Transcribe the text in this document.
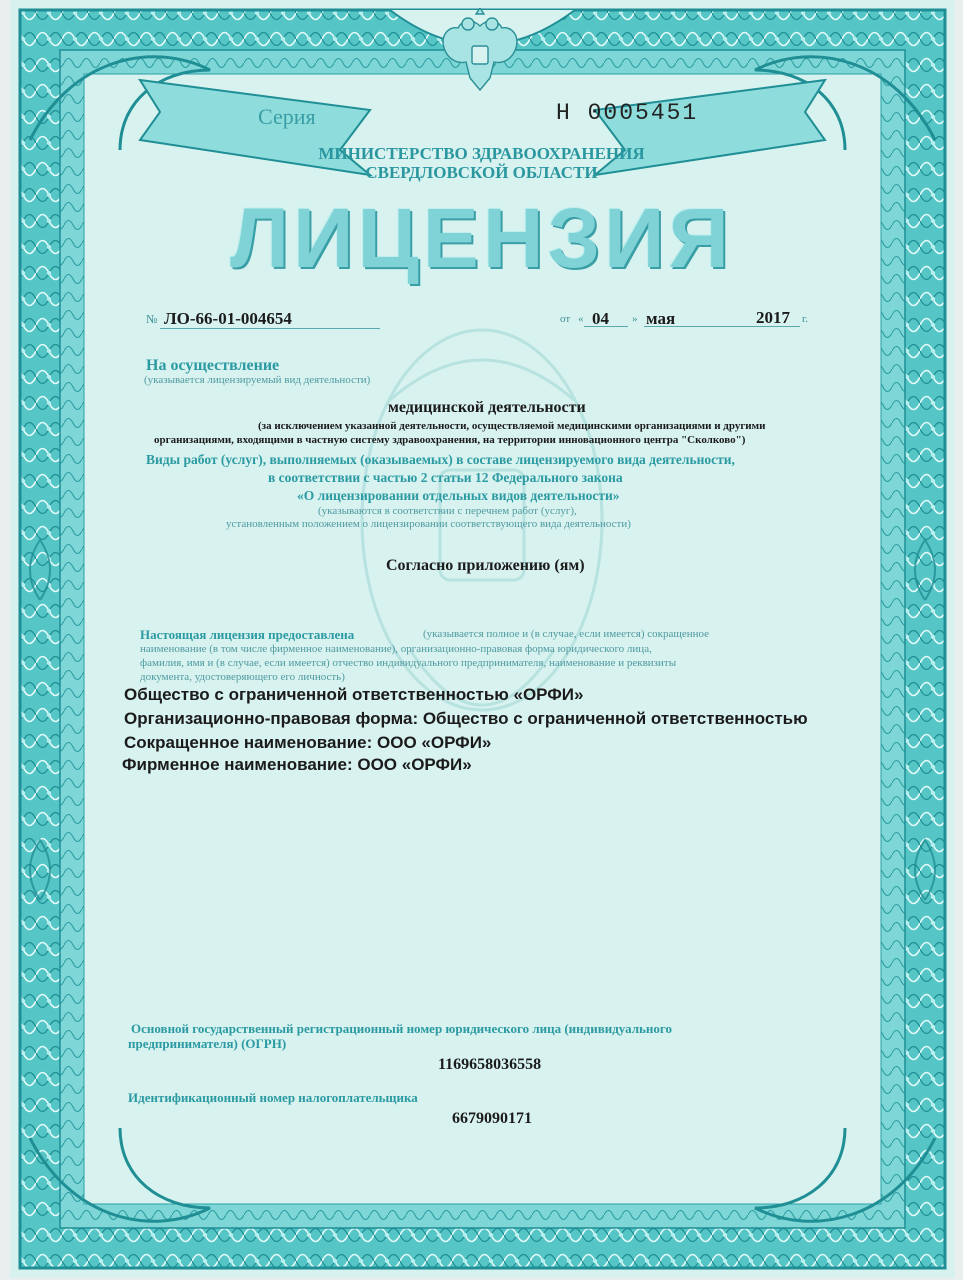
Серия	Н 0005451
МИНИСТЕРСТВО ЗДРАВООХРАНЕНИЯ
СВЕРДЛОВСКОЙ ОБЛАСТИ
ЛИЦЕНЗИЯ
№ ЛО-66-01-004654	от « 04 » мая	2017 г.
На осуществление
(указывается лицензируемый вид деятельности)
медицинской деятельности
(за исключением указанной деятельности, осуществляемой медицинскими организациями и другими
организациями, входящими в частную систему здравоохранения, на территории инновационного центра "Сколково")
Виды работ (услуг), выполняемых (оказываемых) в составе лицензируемого вида деятельности,
в соответствии с частью 2 статьи 12 Федерального закона
«О лицензировании отдельных видов деятельности»
(указываются в соответствии с перечнем работ (услуг),
установленным положением о лицензировании соответствующего вида деятельности)
Согласно приложению (ям)
Настоящая лицензия предоставлена	(указывается полное и (в случае, если имеется) сокращенное
наименование (в том числе фирменное наименование), организационно-правовая форма юридического лица,
фамилия, имя и (в случае, если имеется) отчество индивидуального предпринимателя, наименование и реквизиты
документа, удостоверяющего его личность)
Общество с ограниченной ответственностью «ОРФИ»
Организационно-правовая форма: Общество с ограниченной ответственностью
Сокращенное наименование: ООО «ОРФИ»
Фирменное наименование: ООО «ОРФИ»
Основной государственный регистрационный номер юридического лица (индивидуального
предпринимателя) (ОГРН)
1169658036558
Идентификационный номер налогоплательщика
6679090171
